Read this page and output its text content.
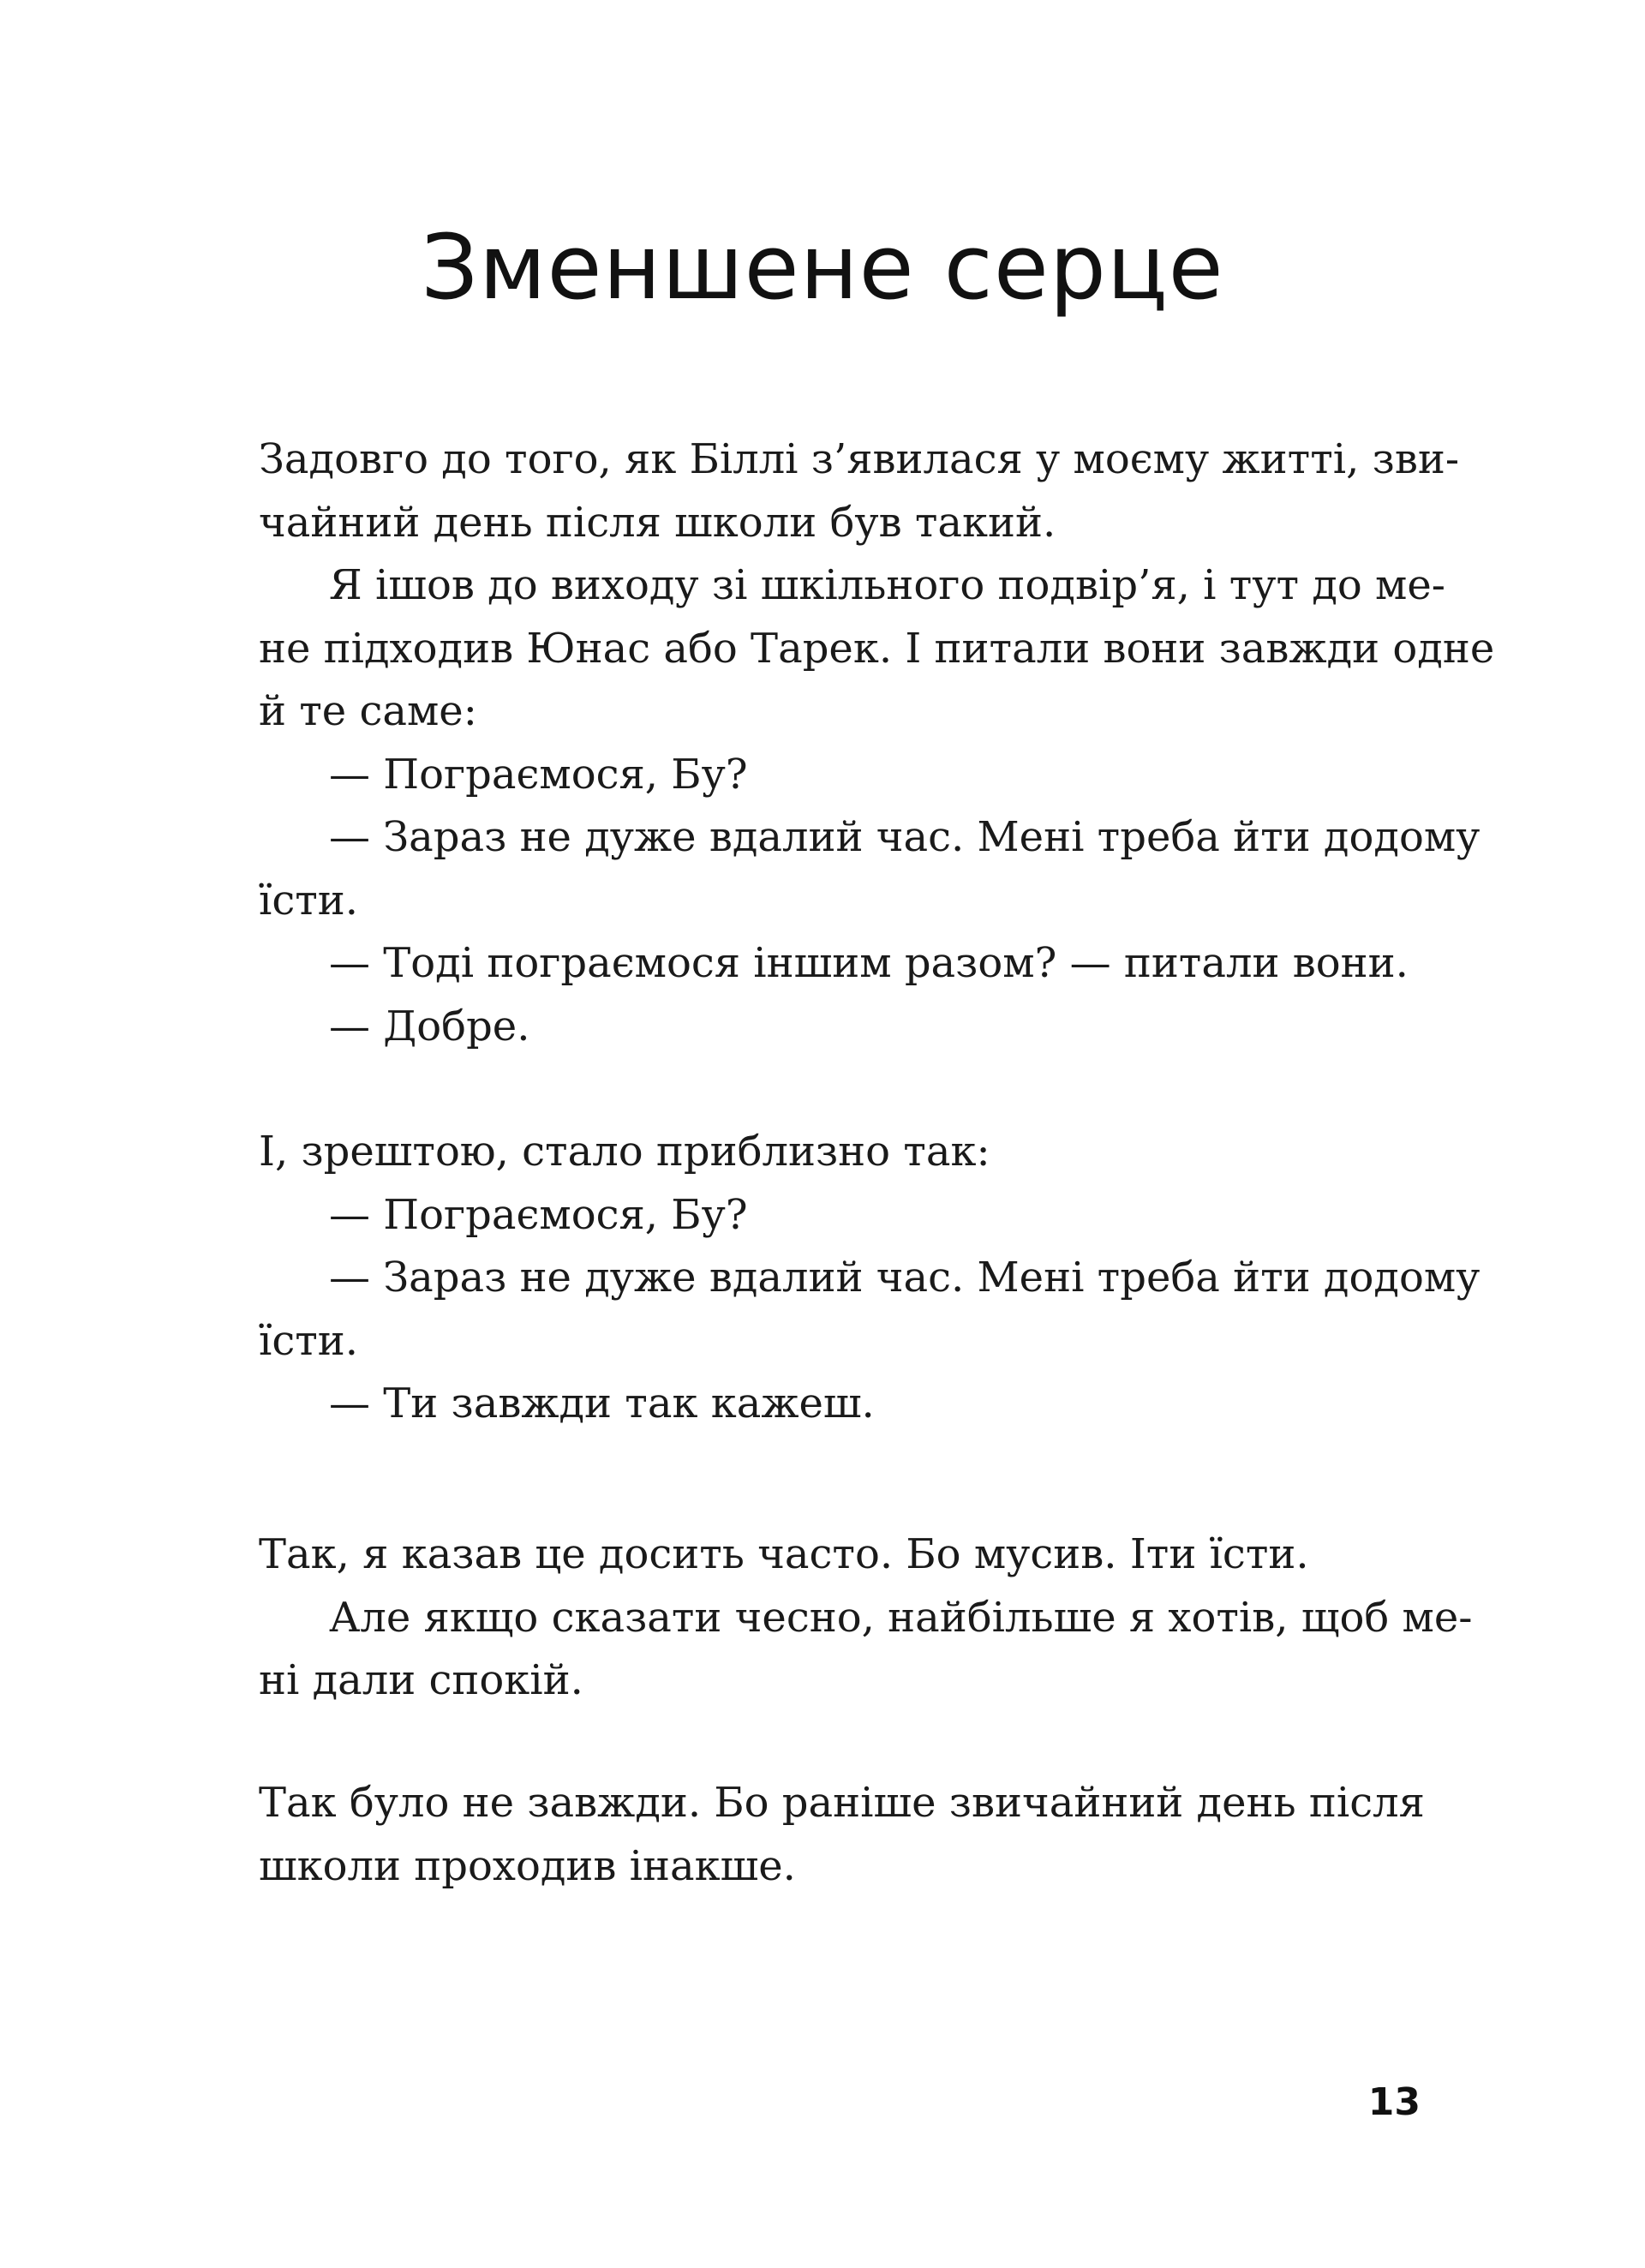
Зменшене серце
Задовго до того, як Біллі з’явилася у моєму житті, зви-
чайний день після школи був такий.
Я ішов до виходу зі шкільного подвір’я, і тут до ме-
не підходив Юнас або Тарек. І питали вони завжди одне
й те саме:
— Пограємося, Бу?
— Зараз не дуже вдалий час. Мені треба йти додому
їсти.
— Тоді пограємося іншим разом? — питали вони.
— Добре.
І, зрештою, стало приблизно так:
— Пограємося, Бу?
— Зараз не дуже вдалий час. Мені треба йти додому
їсти.
— Ти завжди так кажеш.
Так, я казав це досить часто. Бо мусив. Іти їсти.
Але якщо сказати чесно, найбільше я хотів, щоб ме-
ні дали спокій.
Так було не завжди. Бо раніше звичайний день після
школи проходив інакше.
13
